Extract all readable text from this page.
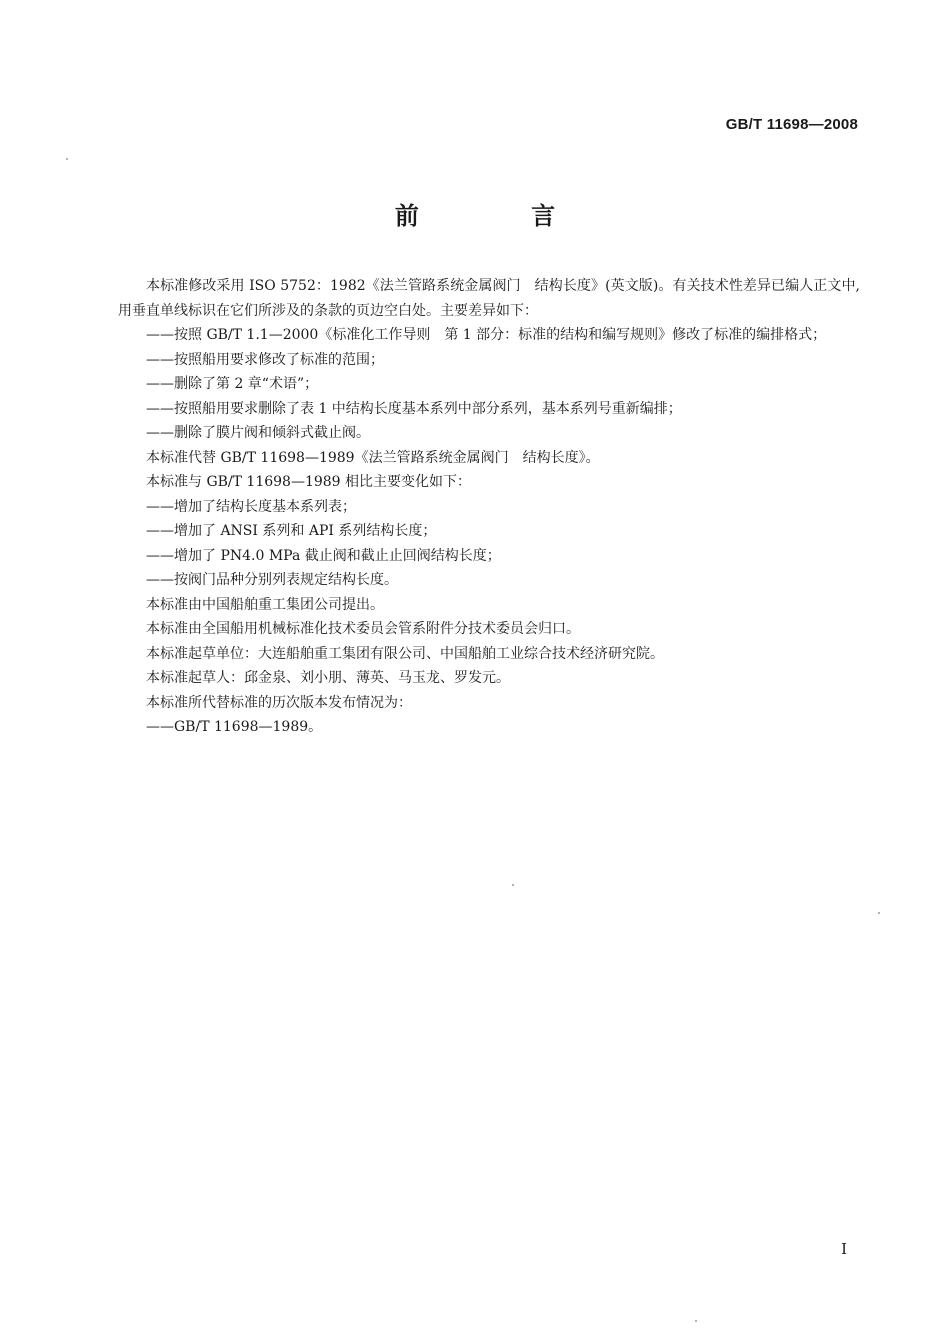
GB/T 11698—2008
前 言

本标准修改采用 ISO 5752：1982《法兰管路系统金属阀门　结构长度》(英文版)。有关技术性差异已编人正文中,用垂直单线标识在它们所涉及的条款的页边空白处。主要差异如下：

—— 按照 GB/T 1.1—2000《标准化工作导则　第 1 部分：标准的结构和编写规则》修改了标准的编排格式；

—— 按照船用要求修改了标准的范围；

—— 删除了第 2 章“术语”；

—— 按照船用要求删除了表 1 中结构长度基本系列中部分系列，基本系列号重新编排；

—— 删除了膜片阀和倾斜式截止阀。

本标准代替 GB/T 11698—1989《法兰管路系统金属阀门　结构长度》。

本标准与 GB/T 11698—1989 相比主要变化如下：

—— 增加了结构长度基本系列表；

—— 增加了 ANSI 系列和 API 系列结构长度；

—— 增加了 PN4.0 MPa 截止阀和截止止回阀结构长度；

—— 按阀门品种分别列表规定结构长度。

本标准由中国船舶重工集团公司提出。

本标准由全国船用机械标准化技术委员会管系附件分技术委员会归口。

本标准起草单位：大连船舶重工集团有限公司、中国船舶工业综合技术经济研究院。

本标准起草人：邱金泉、刘小朋、薄英、马玉龙、罗发元。

本标准所代替标准的历次版本发布情况为：

—— GB/T 11698—1989。

I
